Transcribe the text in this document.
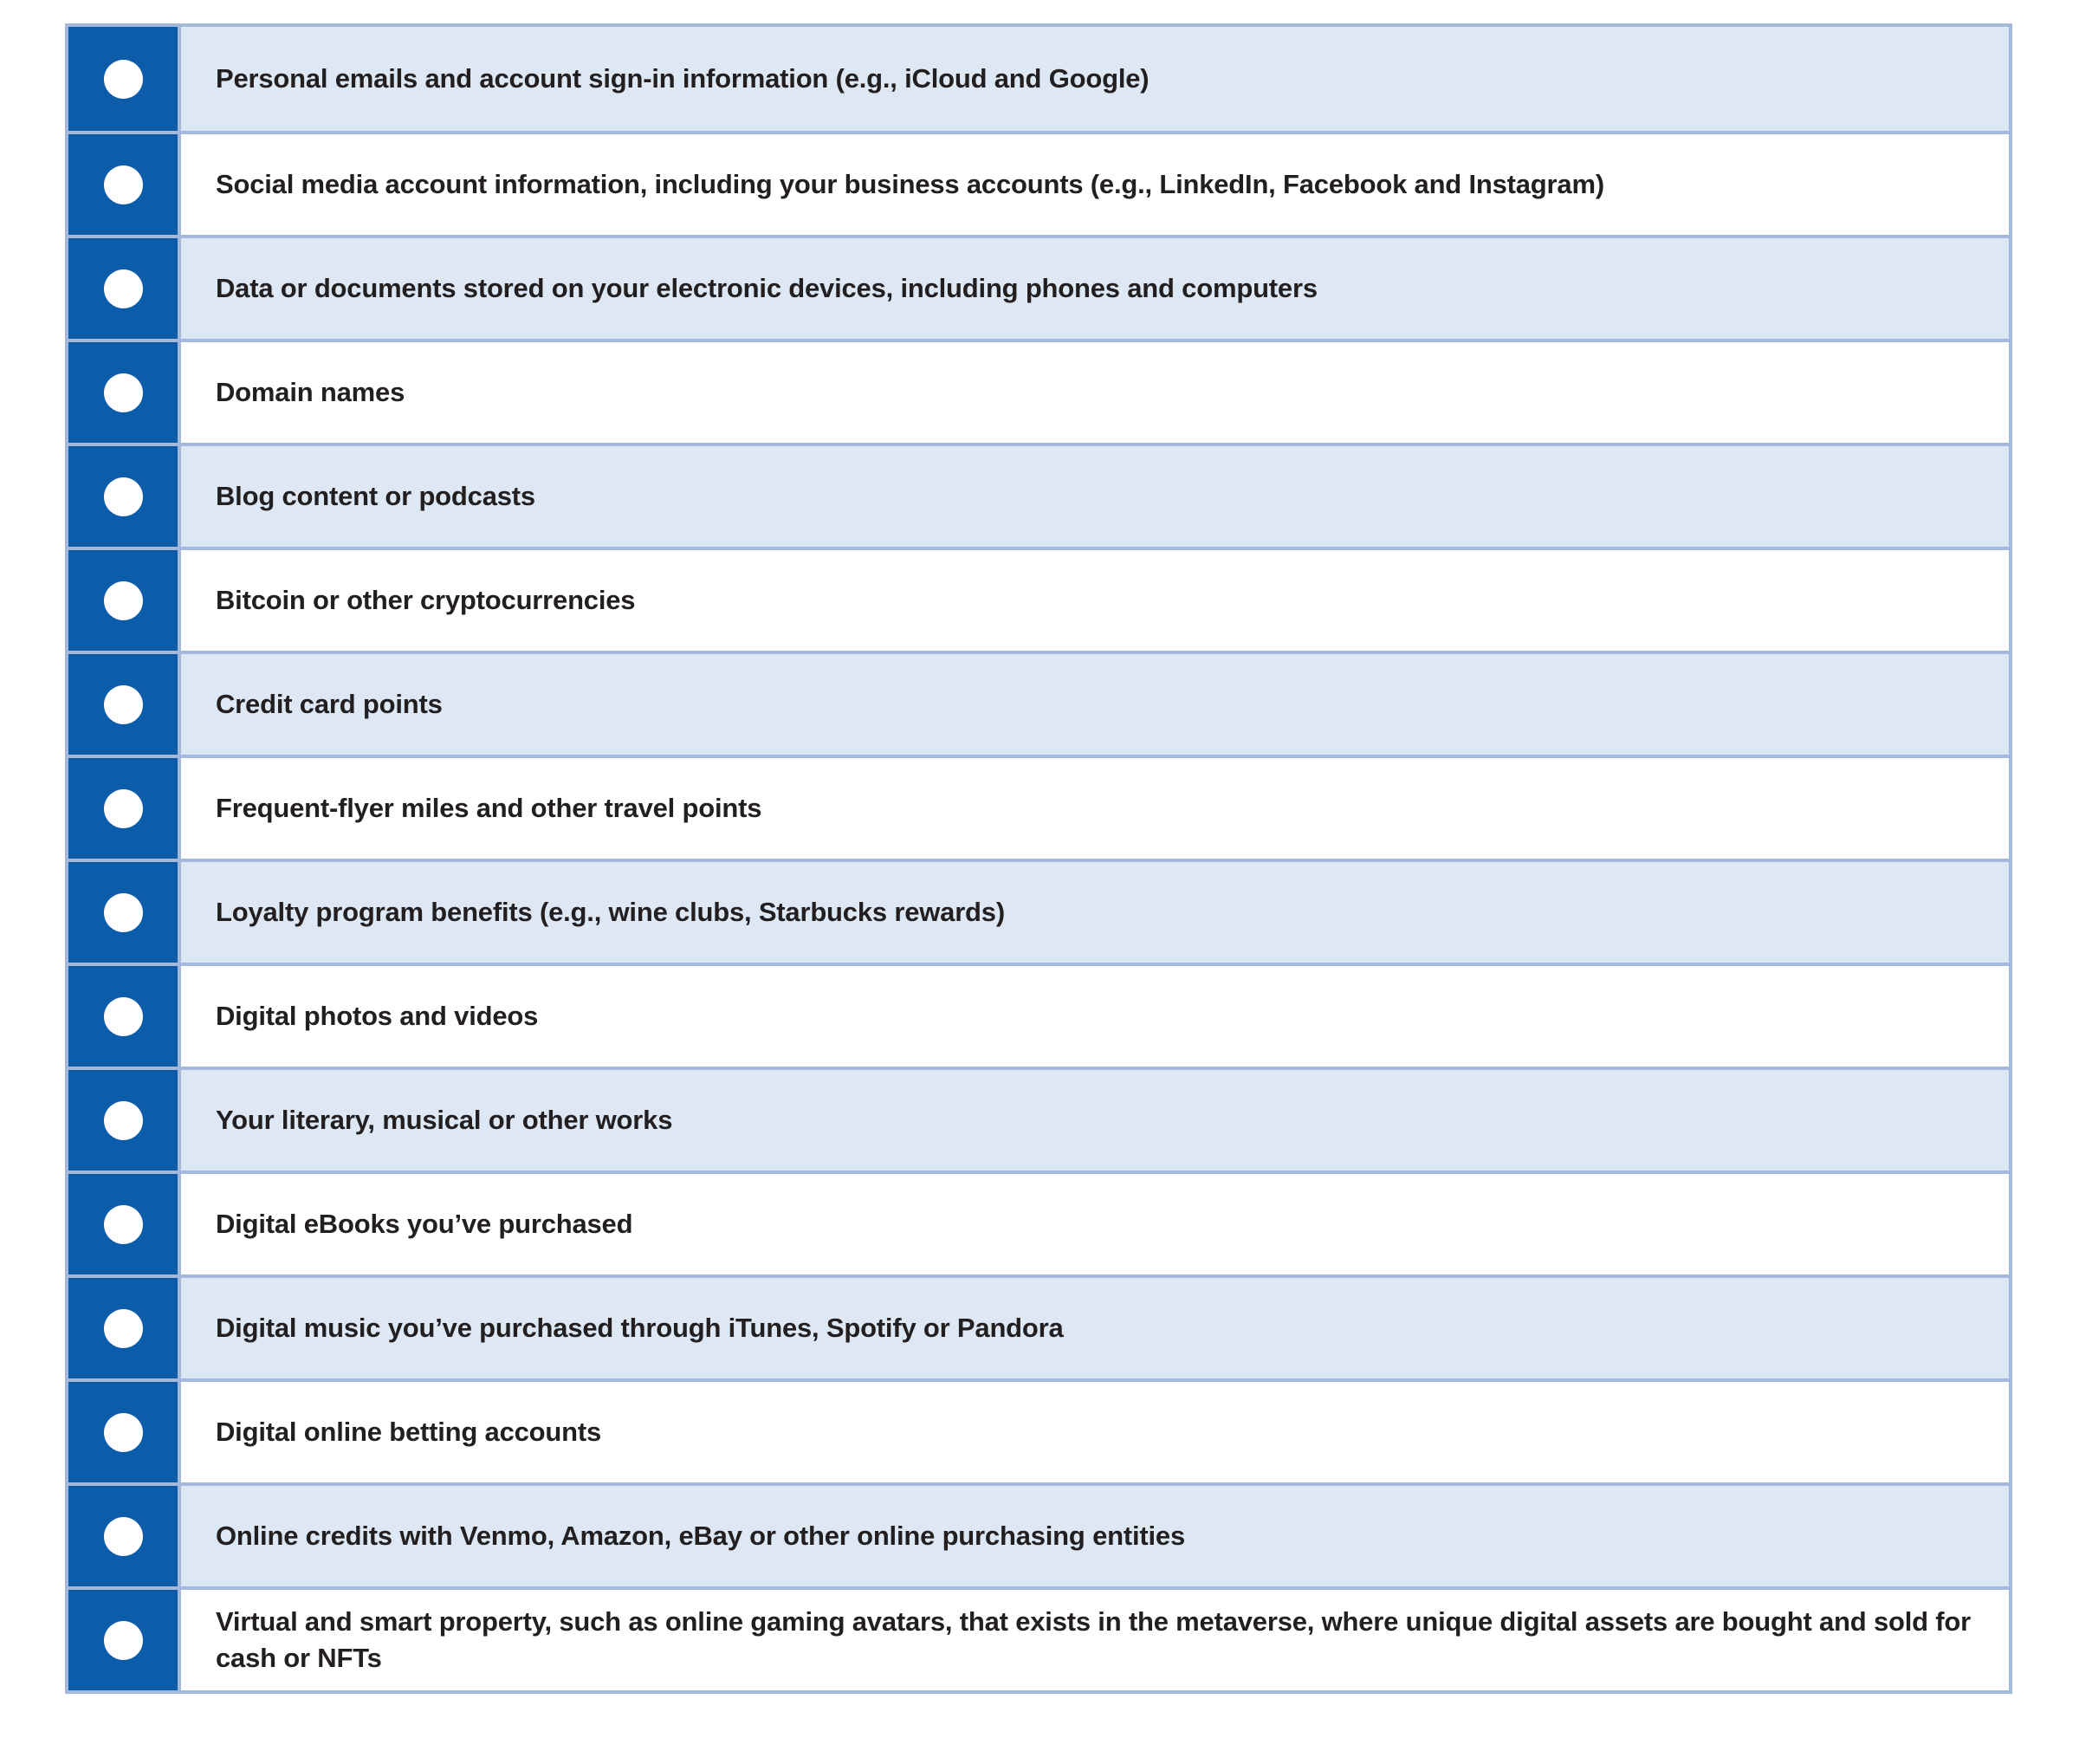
Personal emails and account sign-in information (e.g., iCloud and Google)
Social media account information, including your business accounts (e.g., LinkedIn, Facebook and Instagram)
Data or documents stored on your electronic devices, including phones and computers
Domain names
Blog content or podcasts
Bitcoin or other cryptocurrencies
Credit card points
Frequent-flyer miles and other travel points
Loyalty program benefits (e.g., wine clubs, Starbucks rewards)
Digital photos and videos
Your literary, musical or other works
Digital eBooks you’ve purchased
Digital music you’ve purchased through iTunes, Spotify or Pandora
Digital online betting accounts
Online credits with Venmo, Amazon, eBay or other online purchasing entities
Virtual and smart property, such as online gaming avatars, that exists in the metaverse, where unique digital assets are bought and sold for cash or NFTs
